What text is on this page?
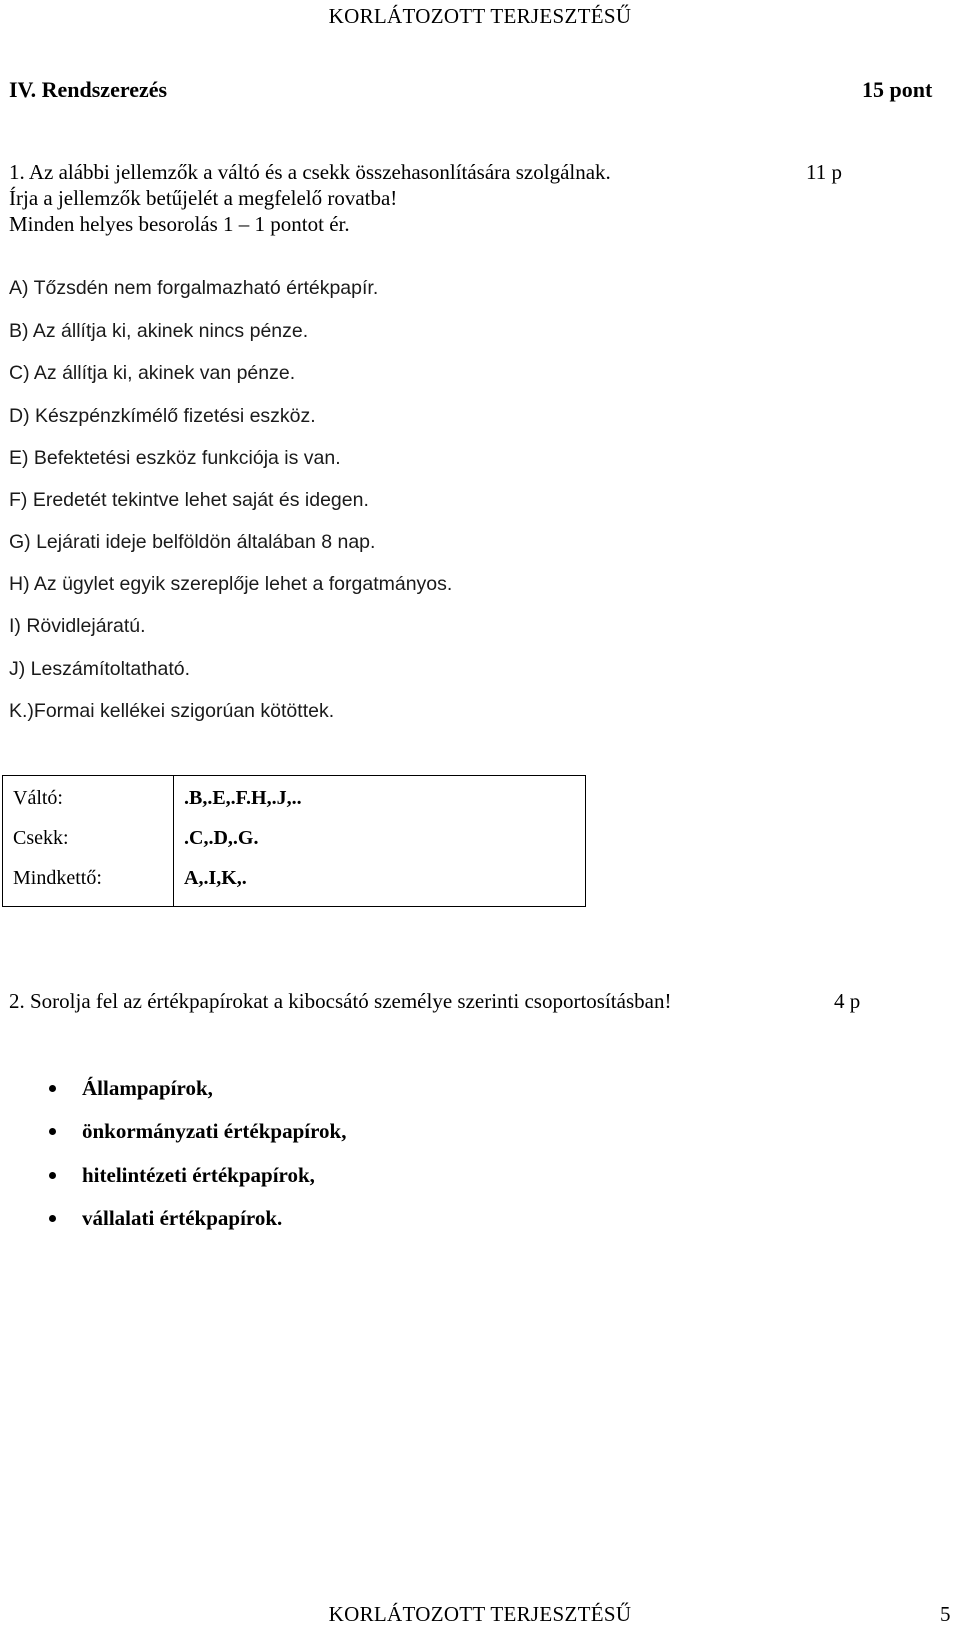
KORLÁTOZOTT TERJESZTÉSŰ
IV. Rendszerezés	15 pont
1. Az alábbi jellemzők a váltó és a csekk összehasonlítására szolgálnak.	11 p
Írja a jellemzők betűjelét a megfelelő rovatba!
Minden helyes besorolás 1 – 1 pontot ér.
A) Tőzsdén nem forgalmazható értékpapír.
B) Az állítja ki, akinek nincs pénze.
C) Az állítja ki, akinek van pénze.
D) Készpénzkímélő fizetési eszköz.
E) Befektetési eszköz funkciója is van.
F) Eredetét tekintve lehet saját és idegen.
G) Lejárati ideje belföldön általában 8 nap.
H) Az ügylet egyik szereplője lehet a forgatmányos.
I) Rövidlejáratú.
J) Leszámítoltatható.
K.)Formai kellékei szigorúan kötöttek.
Váltó:	.B,.E,.F.H,.J,..
Csekk:	.C,.D,.G.
Mindkettő:	A,.I,K,.
2. Sorolja fel az értékpapírokat a kibocsátó személye szerinti csoportosításban!	4 p
Állampapírok,
önkormányzati értékpapírok,
hitelintézeti értékpapírok,
vállalati értékpapírok.
KORLÁTOZOTT TERJESZTÉSŰ	5
